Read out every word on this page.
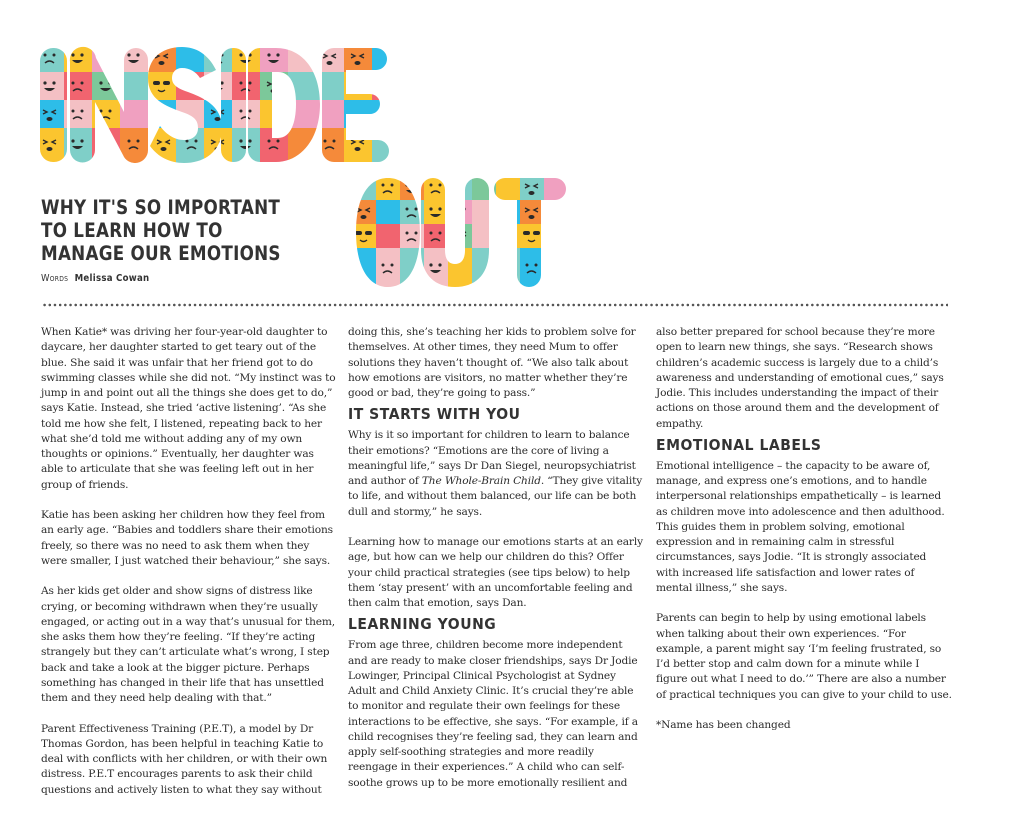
WHY IT'S SO IMPORTANT TO LEARN HOW TO MANAGE OUR EMOTIONS
Words Melissa Cowan

When Katie* was driving her four-year-old daughter to daycare, her daughter started to get teary out of the blue. She said it was unfair that her friend got to do swimming classes while she did not. “My instinct was to jump in and point out all the things she does get to do,” says Katie. Instead, she tried ‘active listening’. “As she told me how she felt, I listened, repeating back to her what she’d told me without adding any of my own thoughts or opinions.” Eventually, her daughter was able to articulate that she was feeling left out in her group of friends.

Katie has been asking her children how they feel from an early age. “Babies and toddlers share their emotions freely, so there was no need to ask them when they were smaller, I just watched their behaviour,” she says.

As her kids get older and show signs of distress like crying, or becoming withdrawn when they’re usually engaged, or acting out in a way that’s unusual for them, she asks them how they’re feeling. “If they’re acting strangely but they can’t articulate what’s wrong, I step back and take a look at the bigger picture. Perhaps something has changed in their life that has unsettled them and they need help dealing with that.”

Parent Effectiveness Training (P.E.T), a model by Dr Thomas Gordon, has been helpful in teaching Katie to deal with conflicts with her children, or with their own distress. P.E.T encourages parents to ask their child questions and actively listen to what they say without

doing this, she’s teaching her kids to problem solve for themselves. At other times, they need Mum to offer solutions they haven’t thought of. “We also talk about how emotions are visitors, no matter whether they’re good or bad, they’re going to pass.”

IT STARTS WITH YOU

Why is it so important for children to learn to balance their emotions? “Emotions are the core of living a meaningful life,” says Dr Dan Siegel, neuropsychiatrist and author of The Whole-Brain Child. “They give vitality to life, and without them balanced, our life can be both dull and stormy,” he says.

Learning how to manage our emotions starts at an early age, but how can we help our children do this? Offer your child practical strategies (see tips below) to help them ‘stay present’ with an uncomfortable feeling and then calm that emotion, says Dan.

LEARNING YOUNG

From age three, children become more independent and are ready to make closer friendships, says Dr Jodie Lowinger, Principal Clinical Psychologist at Sydney Adult and Child Anxiety Clinic. It’s crucial they’re able to monitor and regulate their own feelings for these interactions to be effective, she says. “For example, if a child recognises they’re feeling sad, they can learn and apply self-soothing strategies and more readily reengage in their experiences.” A child who can self-soothe grows up to be more emotionally resilient and

also better prepared for school because they’re more open to learn new things, she says. “Research shows children’s academic success is largely due to a child’s awareness and understanding of emotional cues,” says Jodie. This includes understanding the impact of their actions on those around them and the development of empathy.

EMOTIONAL LABELS

Emotional intelligence – the capacity to be aware of, manage, and express one’s emotions, and to handle interpersonal relationships empathetically – is learned as children move into adolescence and then adulthood. This guides them in problem solving, emotional expression and in remaining calm in stressful circumstances, says Jodie. “It is strongly associated with increased life satisfaction and lower rates of mental illness,” she says.

Parents can begin to help by using emotional labels when talking about their own experiences. “For example, a parent might say ‘I’m feeling frustrated, so I’d better stop and calm down for a minute while I figure out what I need to do.’” There are also a number of practical techniques you can give to your child to use.

*Name has been changed
